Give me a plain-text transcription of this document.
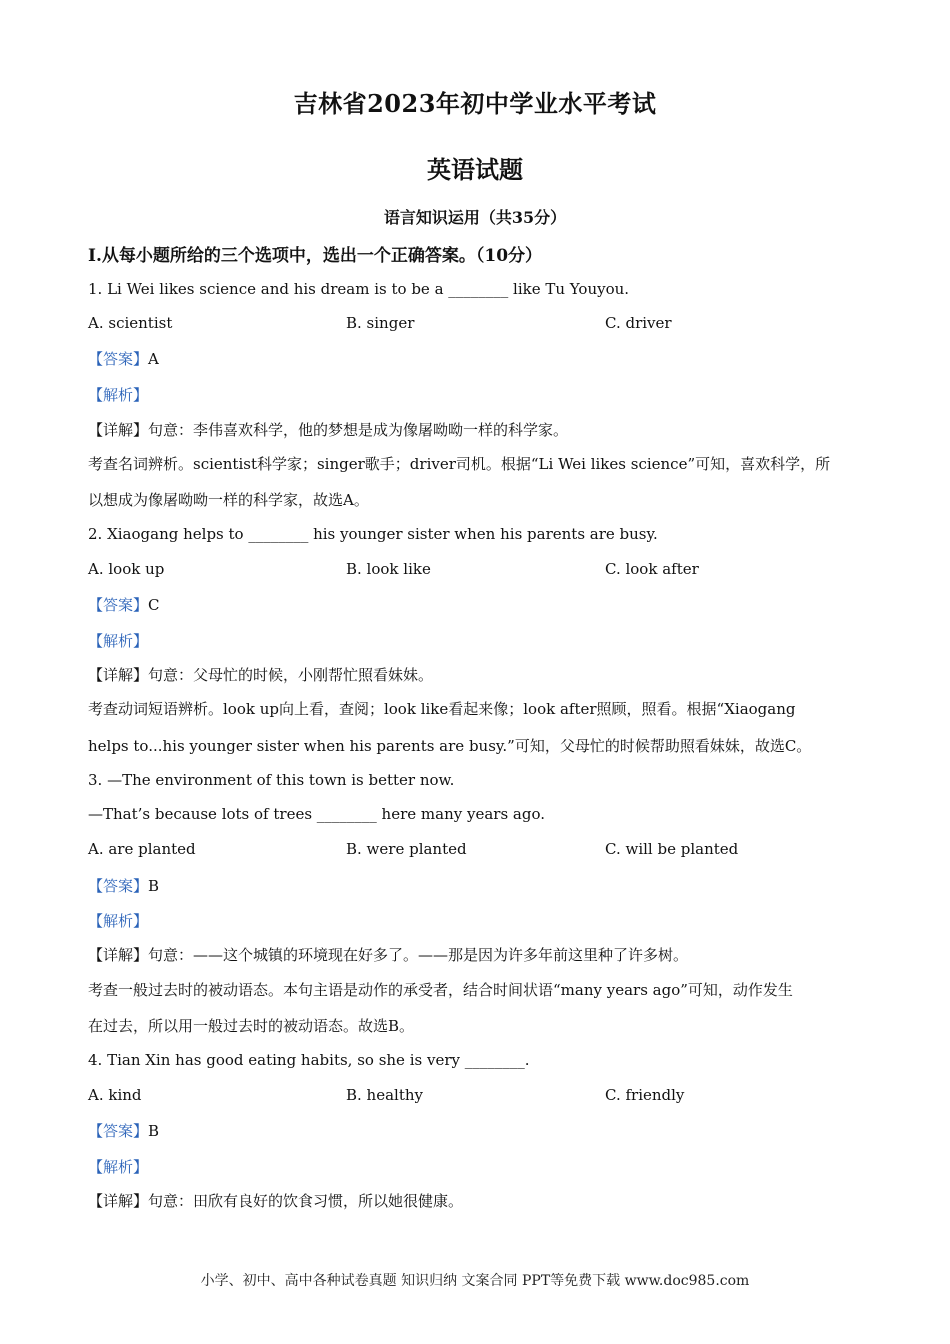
吉林省2023年初中学业水平考试
英语试题
语言知识运用（共35分）
I.从每小题所给的三个选项中，选出一个正确答案。（10分）
1. Li Wei likes science and his dream is to be a ________ like Tu Youyou.
A. scientist	B. singer	C. driver
【答案】A
【解析】
【详解】句意：李伟喜欢科学，他的梦想是成为像屠呦呦一样的科学家。
考查名词辨析。scientist科学家；singer歌手；driver司机。根据“Li Wei likes science”可知，喜欢科学，所
以想成为像屠呦呦一样的科学家，故选A。
2. Xiaogang helps to ________ his younger sister when his parents are busy.
A. look up	B. look like	C. look after
【答案】C
【解析】
【详解】句意：父母忙的时候，小刚帮忙照看妹妹。
考查动词短语辨析。look up向上看，查阅；look like看起来像；look after照顾，照看。根据“Xiaogang
helps to...his younger sister when his parents are busy.”可知，父母忙的时候帮助照看妹妹，故选C。
3. —The environment of this town is better now.
—That’s because lots of trees ________ here many years ago.
A. are planted	B. were planted	C. will be planted
【答案】B
【解析】
【详解】句意：——这个城镇的环境现在好多了。——那是因为许多年前这里种了许多树。
考查一般过去时的被动语态。本句主语是动作的承受者，结合时间状语“many years ago”可知，动作发生
在过去，所以用一般过去时的被动语态。故选B。
4. Tian Xin has good eating habits, so she is very ________.
A. kind	B. healthy	C. friendly
【答案】B
【解析】
【详解】句意：田欣有良好的饮食习惯，所以她很健康。
小学、初中、高中各种试卷真题 知识归纳 文案合同 PPT等免费下载 www.doc985.com
